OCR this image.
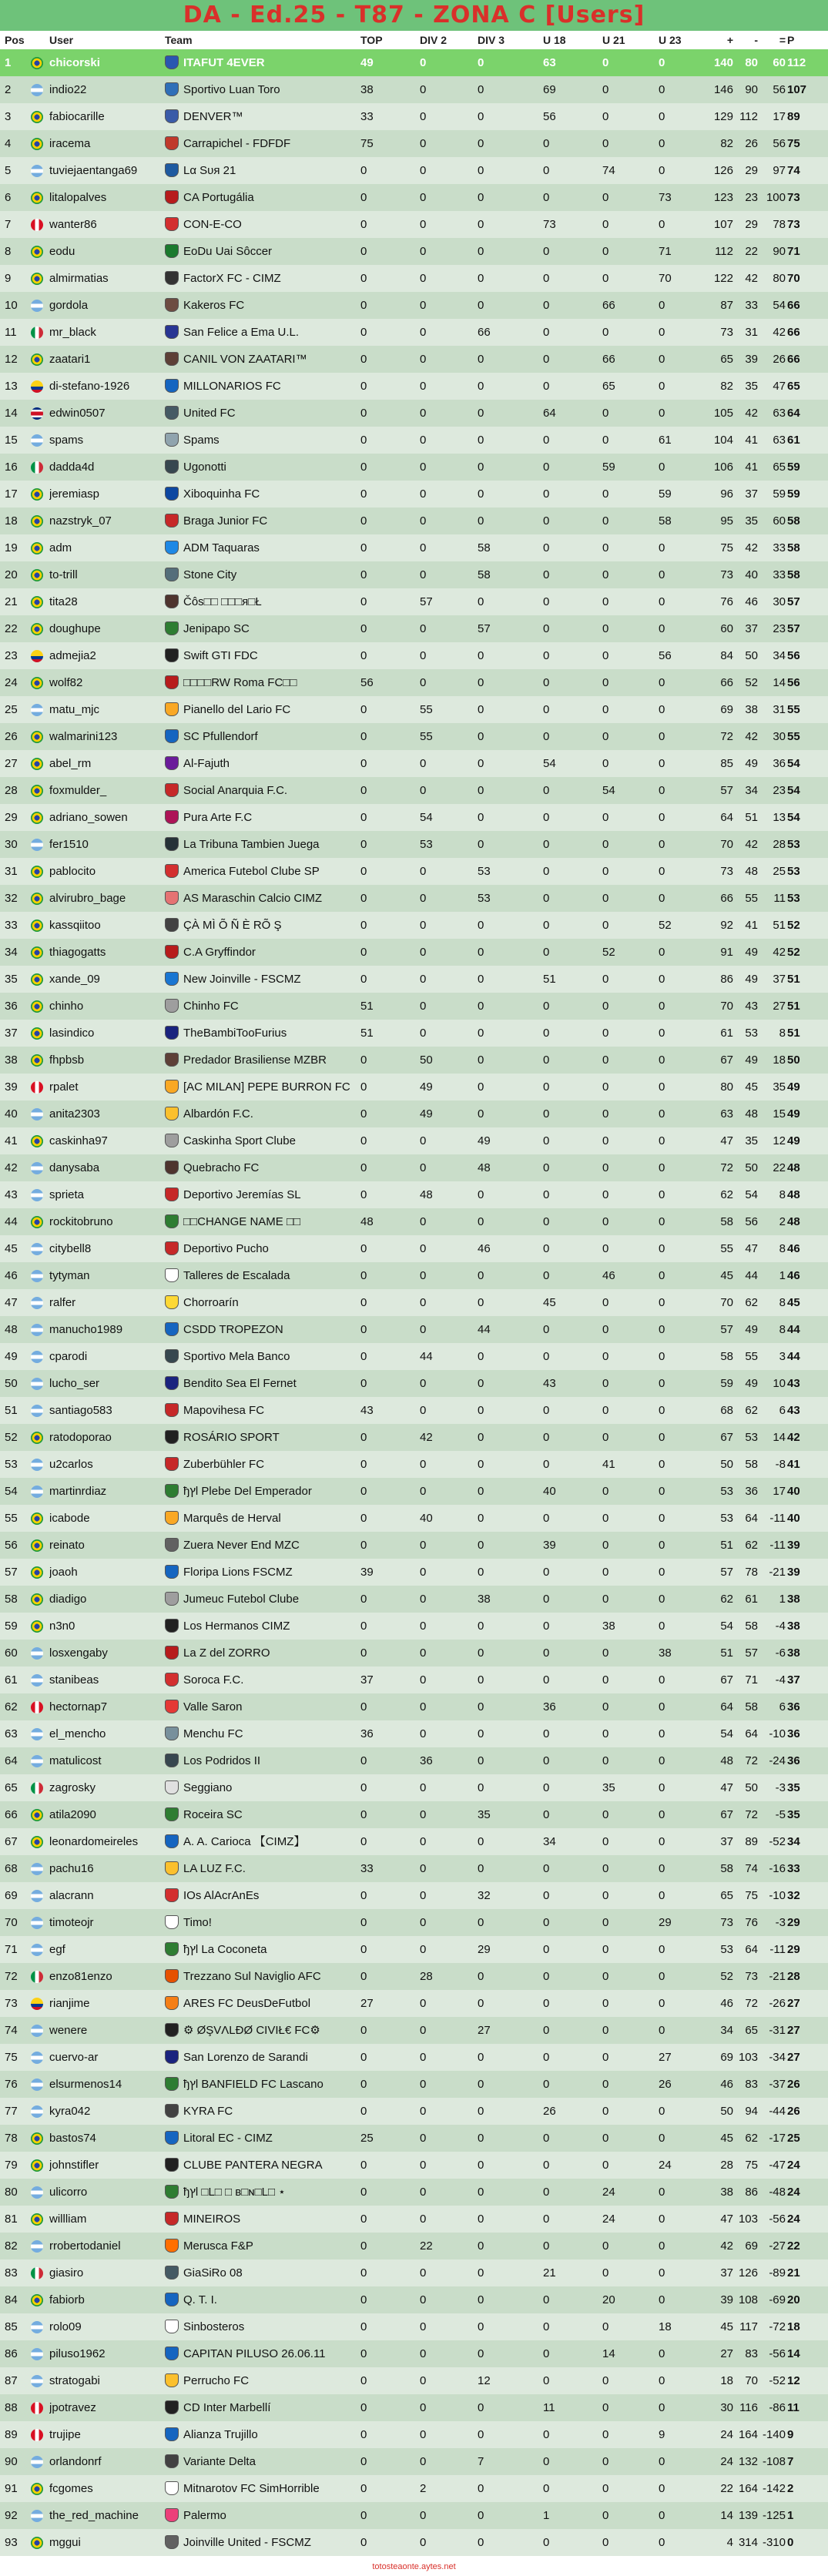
DA - Ed.25 - T87 - ZONA C [Users]
Pos	User	Team	TOP	DIV 2	DIV 3	U 18	U 21	U 23	+	-	= P
1	chicorski	ITAFUT 4EVER	49	0	0	63	0	0	140	80	60 112
2	indio22	Sportivo Luan Toro	38	0	0	69	0	0	146	90	56 107
3	fabiocarille	DENVER™	33	0	0	56	0	0	129 112	17 89
4	iracema	Carrapichel - FDFDF	75	0	0	0	0	0	82	26	56 75
5	tuviejaentanga69	Lα Sυя 21	0	0	0	0	74	0	126	29	97 74
6	litalopalves	CA Portugália	0	0	0	0	0	73	123	23 100 73
7	wanter86	CON-E-CO	0	0	0	73	0	0	107	29	78 73
8	eodu	EoDu Uai Sôccer	0	0	0	0	0	71	112	22	90 71
9	almirmatias	FactorX FC - CIMZ	0	0	0	0	0	70	122	42	80 70
10	gordola	Kakeros FC	0	0	0	0	66	0	87	33	54 66
11	mr_black	San Felice a Ema U.L.	0	0	66	0	0	0	73	31	42 66
12	zaatari1	CANIL VON ZAATARI™	0	0	0	0	66	0	65	39	26 66
13	di-stefano-1926	MILLONARIOS FC	0	0	0	0	65	0	82	35	47 65
14	edwin0507	United FC	0	0	0	64	0	0	105	42	63 64
15	spams	Spams	0	0	0	0	0	61	104	41	63 61
16	dadda4d	Ugonotti	0	0	0	0	59	0	106	41	65 59
17	jeremiasp	Xiboquinha FC	0	0	0	0	0	59	96	37	59 59
18	nazstryk_07	Braga Junior FC	0	0	0	0	0	58	95	35	60 58
19	adm	ADM Taquaras	0	0	58	0	0	0	75	42	33 58
20	to-trill	Stone City	0	0	58	0	0	0	73	40	33 58
21	tita28	Čôs□□ □□□я□Ł	0	57	0	0	0	0	76	46	30 57
22	doughupe	Jenipapo SC	0	0	57	0	0	0	60	37	23 57
23	admejia2	Swift GTI FDC	0	0	0	0	0	56	84	50	34 56
24	wolf82	□□□□RW Roma FC□□	56	0	0	0	0	0	66	52	14 56
25	matu_mjc	Pianello del Lario FC	0	55	0	0	0	0	69	38	31 55
26	walmarini123	SC Pfullendorf	0	55	0	0	0	0	72	42	30 55
27	abel_rm	Al-Fajuth	0	0	0	54	0	0	85	49	36 54
28	foxmulder_	Social Anarquia F.C.	0	0	0	0	54	0	57	34	23 54
29	adriano_sowen	Pura Arte F.C	0	54	0	0	0	0	64	51	13 54
30	fer1510	La Tribuna Tambien Juega	0	53	0	0	0	0	70	42	28 53
31	pablocito	America Futebol Clube SP	0	0	53	0	0	0	73	48	25 53
32	alvirubro_bage	AS Maraschin Calcio CIMZ	0	0	53	0	0	0	66	55	11 53
33	kassqiitoo	ÇÀ MÌ Õ Ñ È RÕ Ş	0	0	0	0	0	52	92	41	51 52
34	thiagogatts	C.A Gryffindor	0	0	0	0	52	0	91	49	42 52
35	xande_09	New Joinville - FSCMZ	0	0	0	51	0	0	86	49	37 51
36	chinho	Chinho FC	51	0	0	0	0	0	70	43	27 51
37	lasindico	TheBambiTooFurius	51	0	0	0	0	0	61	53	8 51
38	fhpbsb	Predador Brasiliense MZBR	0	50	0	0	0	0	67	49	18 50
39	rpalet	[AC MILAN] PEPE BURRON FC 0	49	0	0	0	0	80	45	35 49
40	anita2303	Albardón F.C.	0	49	0	0	0	0	63	48	15 49
41	caskinha97	Caskinha Sport Clube	0	0	49	0	0	0	47	35	12 49
42	danysaba	Quebracho FC	0	0	48	0	0	0	72	50	22 48
43	sprieta	Deportivo Jeremías SL	0	48	0	0	0	0	62	54	8 48
44	rockitobruno	□□CHANGE NAME □□	48	0	0	0	0	0	58	56	2 48
45	citybell8	Deportivo Pucho	0	0	46	0	0	0	55	47	8 46
46	tytyman	Talleres de Escalada	0	0	0	0	46	0	45	44	1 46
47	ralfer	Chorroarín	0	0	0	45	0	0	70	62	8 45
48	manucho1989	CSDD TROPEZON	0	0	44	0	0	0	57	49	8 44
49	cparodi	Sportivo Mela Banco	0	44	0	0	0	0	58	55	3 44
50	lucho_ser	Bendito Sea El Fernet	0	0	0	43	0	0	59	49	10 43
51	santiago583	Mapovihesa FC	43	0	0	0	0	0	68	62	6 43
52	ratodoporao	ROSÁRIO SPORT	0	42	0	0	0	0	67	53	14 42
53	u2carlos	Zuberbühler FC	0	0	0	0	41	0	50	58	-8 41
54	martinrdiaz	ђץl Plebe Del Emperador	0	0	0	40	0	0	53	36	17 40
55	icabode	Marquês de Herval	0	40	0	0	0	0	53	64	-11 40
56	reinato	Zuera Never End MZC	0	0	0	39	0	0	51	62	-11 39
57	joaoh	Floripa Lions FSCMZ	39	0	0	0	0	0	57	78 -21 39
58	diadigo	Jumeuc Futebol Clube	0	0	38	0	0	0	62	61	1 38
59	n3n0	Los Hermanos CIMZ	0	0	0	0	38	0	54	58	-4 38
60	losxengaby	La Z del ZORRO	0	0	0	0	0	38	51	57	-6 38
61	stanibeas	Soroca F.C.	37	0	0	0	0	0	67	71	-4 37
62	hectornap7	Valle Saron	0	0	0	36	0	0	64	58	6 36
63	el_mencho	Menchu FC	36	0	0	0	0	0	54	64 -10 36
64	matulicost	Los Podridos II	0	36	0	0	0	0	48	72 -24 36
65	zagrosky	Seggiano	0	0	0	0	35	0	47	50	-3 35
66	atila2090	Roceira SC	0	0	35	0	0	0	67	72	-5 35
67	leonardomeireles	A. A. Carioca 【CIMZ】	0	0	0	34	0	0	37	89 -52 34
68	pachu16	LA LUZ F.C.	33	0	0	0	0	0	58	74 -16 33
69	alacrann	IOs AlAcrAnEs	0	0	32	0	0	0	65	75 -10 32
70	timoteojr	Timo!	0	0	0	0	0	29	73	76	-3 29
71	egf	ђץl La Coconeta	0	0	29	0	0	0	53	64	-11 29
72	enzo81enzo	Trezzano Sul Naviglio AFC	0	28	0	0	0	0	52	73 -21 28
73	rianjime	ARES FC DeusDeFutbol	27	0	0	0	0	0	46	72 -26 27
74	wenere	⚙ ØŞVΛLĐØ CIVIŁ€ FC⚙	0	0	27	0	0	0	34	65 -31 27
75	cuervo-ar	San Lorenzo de Sarandi	0	0	0	0	0	27	69 103 -34 27
76	elsurmenos14	ђץl BANFIELD FC Lascano	0	0	0	0	0	26	46	83 -37 26
77	kyra042	KYRA FC	0	0	0	26	0	0	50	94 -44 26
78	bastos74	Litoral EC - CIMZ	25	0	0	0	0	0	45	62 -17 25
79	johnstifler	CLUBE PANTERA NEGRA	0	0	0	0	0	24	28	75 -47 24
80	ulicorro	ђץl □L□ □ ʙ□ɴ□L□ ⋆	0	0	0	0	24	0	38	86 -48 24
81	willliam	MINEIROS	0	0	0	0	24	0	47 103 -56 24
82	rrobertodaniel	Merusca F&P	0	22	0	0	0	0	42	69 -27 22
83	giasiro	GiaSiRo 08	0	0	0	21	0	0	37 126 -89 21
84	fabiorb	Q. T. I.	0	0	0	0	20	0	39 108 -69 20
85	rolo09	Sinbosteros	0	0	0	0	0	18	45 117 -72 18
86	piluso1962	CAPITAN PILUSO 26.06.11	0	0	0	0	14	0	27	83 -56 14
87	stratogabi	Perrucho FC	0	0	12	0	0	0	18	70 -52 12
88	jpotravez	CD Inter Marbellí	0	0	0	11	0	0	30 116 -86 11
89	trujipe	Alianza Trujillo	0	0	0	0	0	9	24 164 -140 9
90	orlandonrf	Variante Delta	0	0	7	0	0	0	24 132 -108 7
91	fcgomes	Mitnarotov FC SimHorrible	0	2	0	0	0	0	22 164 -142 2
92	the_red_machine	Palermo	0	0	0	1	0	0	14 139 -125 1
93	mggui	Joinville United - FSCMZ	0	0	0	0	0	0	4 314 -310 0
totosteaonte.aytes.net
